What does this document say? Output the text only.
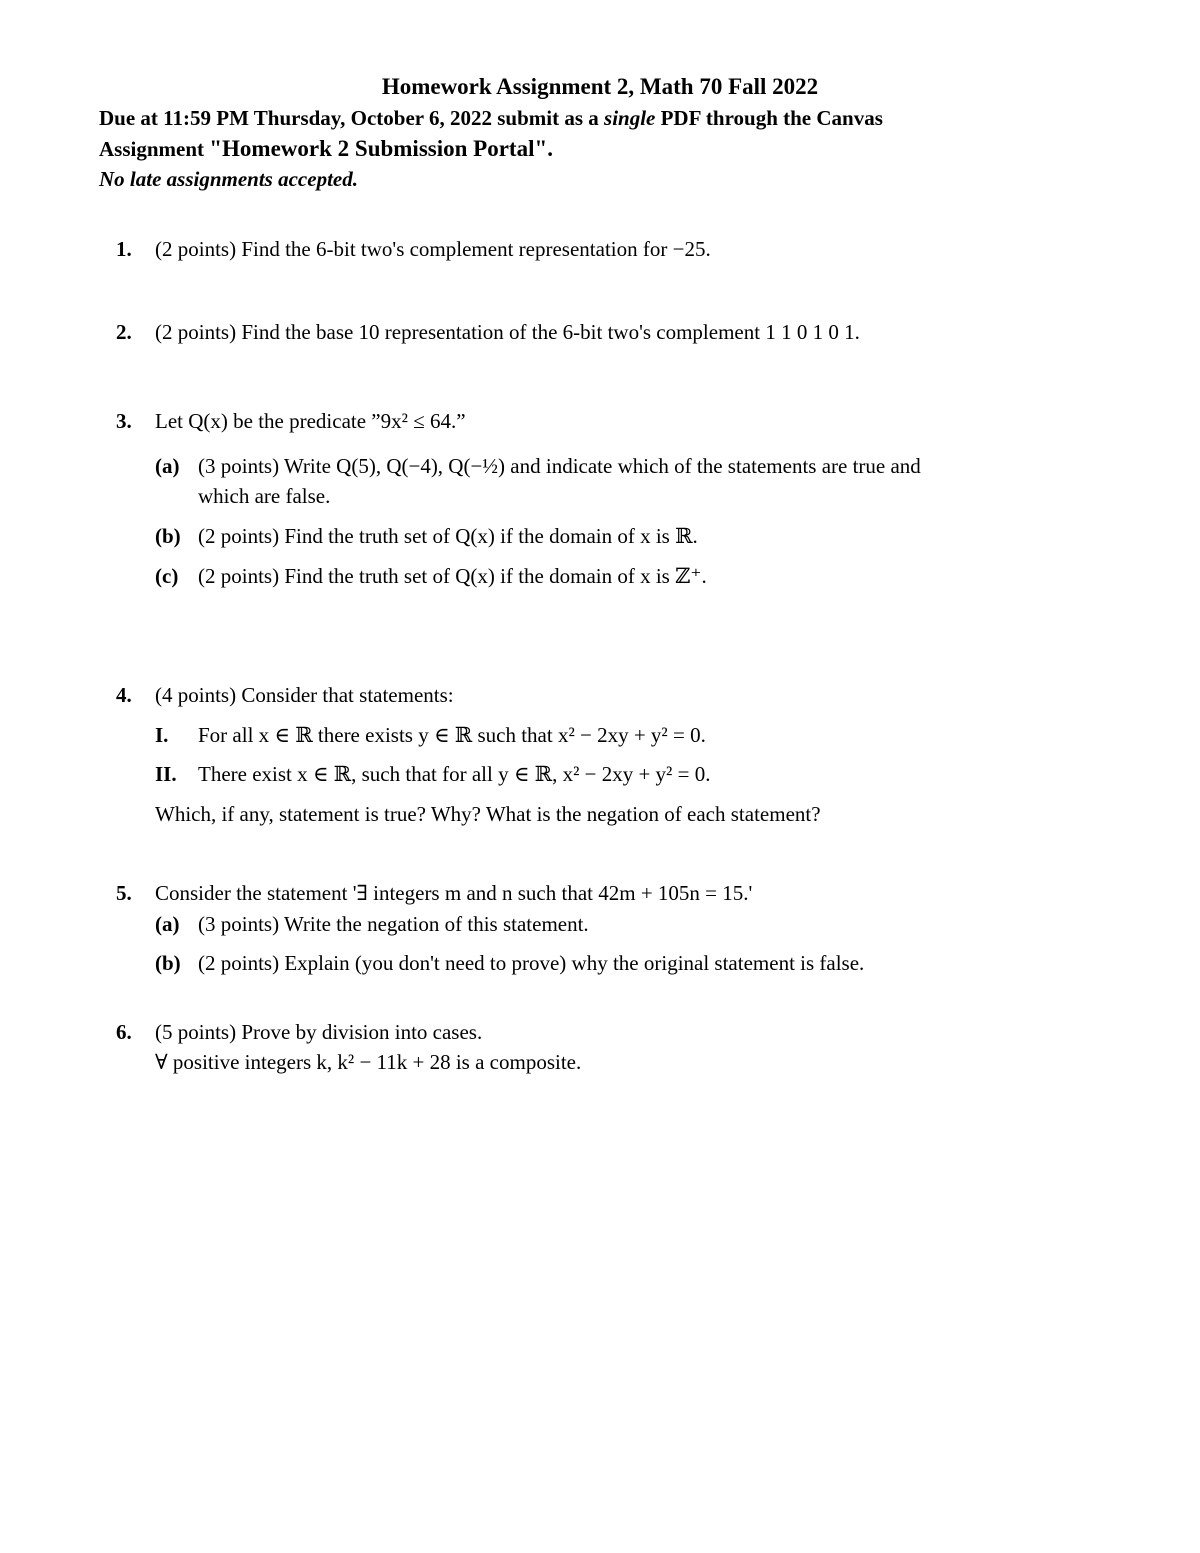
Homework Assignment 2, Math 70 Fall 2022
Due at 11:59 PM Thursday, October 6, 2022 submit as a single PDF through the Canvas
Assignment "Homework 2 Submission Portal".
No late assignments accepted.
1. (2 points) Find the 6-bit two's complement representation for −25.
2. (2 points) Find the base 10 representation of the 6-bit two's complement 1 1 0 1 0 1.
3. Let Q(x) be the predicate ”9x² ≤ 64.”
(a) (3 points) Write Q(5), Q(−4), Q(−½) and indicate which of the statements are true and
which are false.
(b) (2 points) Find the truth set of Q(x) if the domain of x is ℝ.
(c) (2 points) Find the truth set of Q(x) if the domain of x is ℤ⁺.
4. (4 points) Consider that statements:
I. For all x ∈ ℝ there exists y ∈ ℝ such that x² − 2xy + y² = 0.
II. There exist x ∈ ℝ, such that for all y ∈ ℝ, x² − 2xy + y² = 0.
Which, if any, statement is true? Why? What is the negation of each statement?
5. Consider the statement '∃ integers m and n such that 42m + 105n = 15.'
(a) (3 points) Write the negation of this statement.
(b) (2 points) Explain (you don't need to prove) why the original statement is false.
6. (5 points) Prove by division into cases.
∀ positive integers k, k² − 11k + 28 is a composite.
